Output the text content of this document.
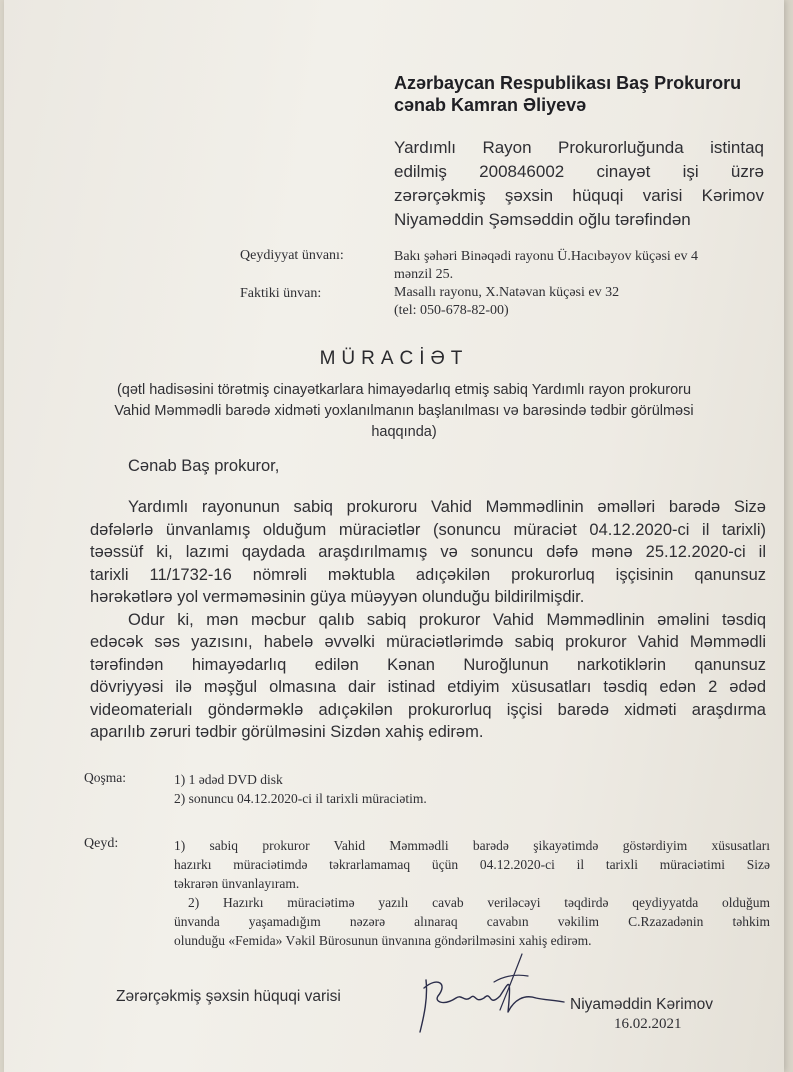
Azərbaycan Respublikası Baş Prokuroru
cənab Kamran Əliyevə
Yardımlı Rayon Prokurorluğunda istintaq
edilmiş 200846002 cinayət işi üzrə
zərərçəkmiş şəxsin hüquqi varisi Kərimov
Niyaməddin Şəmsəddin oğlu tərəfindən
Qeydiyyat ünvanı:	Bakı şəhəri Binəqədi rayonu Ü.Hacıbəyov küçəsi ev 4
mənzil 25.
Faktiki ünvan:	Masallı rayonu, X.Natəvan küçəsi ev 32
(tel: 050-678-82-00)
MÜRACİƏT
(qətl hadisəsini törətmiş cinayətkarlara himayədarlıq etmiş sabiq Yardımlı rayon prokuroru
Vahid Məmmədli barədə xidməti yoxlanılmanın başlanılması və barəsində tədbir görülməsi
haqqında)
Cənab Baş prokuror,

Yardımlı rayonunun sabiq prokuroru Vahid Məmmədlinin əməlləri barədə Sizə
dəfələrlə ünvanlamış olduğum müraciətlər (sonuncu müraciət 04.12.2020-ci il tarixli)
təəssüf ki, lazımi qaydada araşdırılmamış və sonuncu dəfə mənə 25.12.2020-ci il
tarixli 11/1732-16 nömrəli məktubla adıçəkilən prokurorluq işçisinin qanunsuz
hərəkətlərə yol verməməsinin güya müəyyən olunduğu bildirilmişdir.

Odur ki, mən məcbur qalıb sabiq prokuror Vahid Məmmədlinin əməlini təsdiq
edəcək səs yazısını, habelə əvvəlki müraciətlərimdə sabiq prokuror Vahid Məmmədli
tərəfindən himayədarlıq edilən Kənan Nuroğlunun narkotiklərin qanunsuz
dövriyyəsi ilə məşğul olmasına dair istinad etdiyim xüsusatları təsdiq edən 2 ədəd
videomaterialı göndərməklə adıçəkilən prokurorluq işçisi barədə xidməti araşdırma
aparılıb zəruri tədbir görülməsini Sizdən xahiş edirəm.

Qoşma:	1) 1 ədəd DVD disk
2) sonuncu 04.12.2020-ci il tarixli müraciətim.
Qeyd:	1) sabiq prokuror Vahid Məmmədli barədə şikayətimdə göstərdiyim xüsusatları
hazırkı müraciətimdə təkrarlamamaq üçün 04.12.2020-ci il tarixli müraciətimi Sizə
təkrarən ünvanlayıram.
2) Hazırkı müraciətimə yazılı cavab veriləcəyi təqdirdə qeydiyyatda olduğum
ünvanda yaşamadığım nəzərə alınaraq cavabın vəkilim C.Rzazadənin təhkim
olunduğu «Femida» Vəkil Bürosunun ünvanına göndərilməsini xahiş edirəm.
Zərərçəkmiş şəxsin hüquqi varisi	Niyaməddin Kərimov
16.02.2021
